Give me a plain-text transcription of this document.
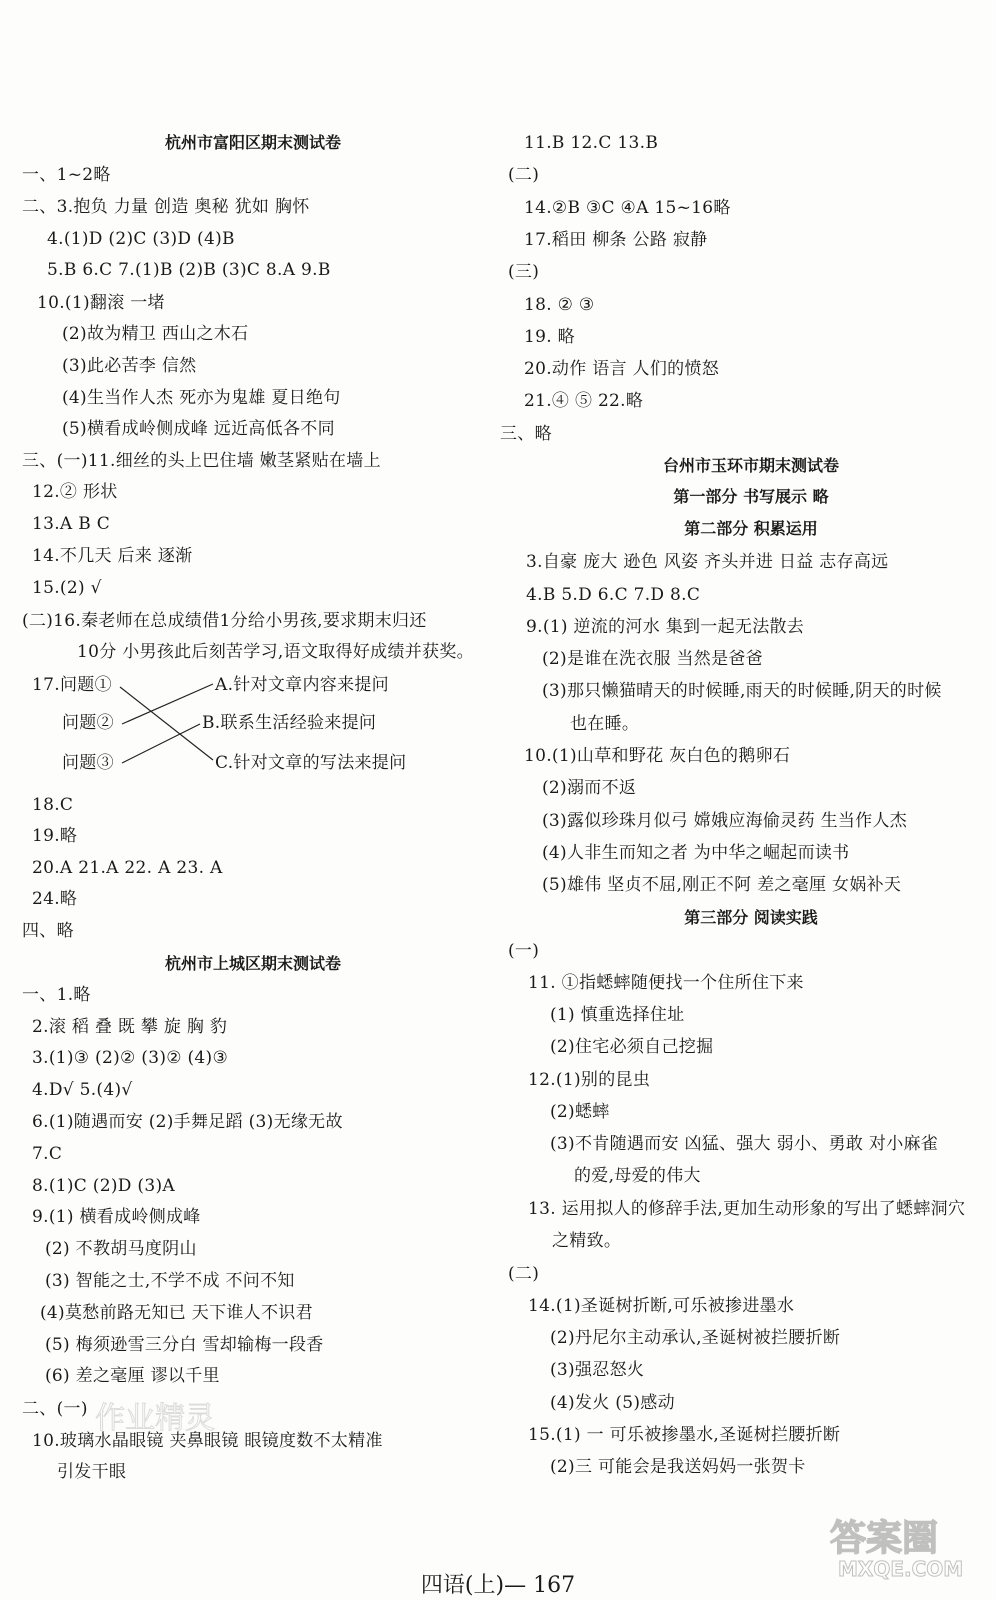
杭州市富阳区期末测试卷
一、1~2略
二、3.抱负 力量 创造 奥秘 犹如 胸怀
4.(1)D (2)C (3)D (4)B
5.B 6.C 7.(1)B (2)B (3)C 8.A 9.B
10.(1)翻滚 一堵
(2)故为精卫 西山之木石
(3)此必苦李 信然
(4)生当作人杰 死亦为鬼雄 夏日绝句
(5)横看成岭侧成峰 远近高低各不同
三、(一)11.细丝的头上巴住墙 嫩茎紧贴在墙上
12.② 形状
13.A B C
14.不几天 后来 逐渐
15.(2) √
(二)16.秦老师在总成绩借1分给小男孩,要求期末归还
10分 小男孩此后刻苦学习,语文取得好成绩并获奖。
17. 问题①
问题②
问题③
A.针对文章内容来提问
B.联系生活经验来提问
C.针对文章的写法来提问
18.C
19.略
20.A 21.A 22. A 23. A
24.略
四、略
杭州市上城区期末测试卷
一、1.略
2.滚 稻 叠 既 攀 旋 胸 豹
3.(1)③ (2)② (3)② (4)③
4.D√ 5.(4)√
6.(1)随遇而安 (2)手舞足蹈 (3)无缘无故
7.C
8.(1)C (2)D (3)A
9.(1) 横看成岭侧成峰
(2) 不教胡马度阴山
(3) 智能之士,不学不成 不问不知
(4)莫愁前路无知已 天下谁人不识君
(5) 梅须逊雪三分白 雪却输梅一段香
(6) 差之毫厘 谬以千里
二、(一)
10.玻璃水晶眼镜 夹鼻眼镜 眼镜度数不太精准
引发干眼
11.B 12.C 13.B
(二)
14.②B ③C ④A 15~16略
17.稻田 柳条 公路 寂静
(三)
18. ② ③
19. 略
20.动作 语言 人们的愤怒
21.④ ⑤ 22.略
三、略
台州市玉环市期末测试卷
第一部分 书写展示 略
第二部分 积累运用
3.自豪 庞大 逊色 风姿 齐头并进 日益 志存高远
4.B 5.D 6.C 7.D 8.C
9.(1) 逆流的河水 集到一起无法散去
(2)是谁在洗衣服 当然是爸爸
(3)那只懒猫晴天的时候睡,雨天的时候睡,阴天的时候
也在睡。
10.(1)山草和野花 灰白色的鹅卵石
(2)溺而不返
(3)露似珍珠月似弓 嫦娥应海偷灵药 生当作人杰
(4)人非生而知之者 为中华之崛起而读书
(5)雄伟 坚贞不屈,刚正不阿 差之毫厘 女娲补天
第三部分 阅读实践
(一)
11. ①指蟋蟀随便找一个住所住下来
(1) 慎重选择住址
(2)住宅必须自己挖掘
12.(1)别的昆虫
(2)蟋蟀
(3)不肯随遇而安 凶猛、强大 弱小、勇敢 对小麻雀
的爱,母爱的伟大
13. 运用拟人的修辞手法,更加生动形象的写出了蟋蟀洞穴
之精致。
(二)
14.(1)圣诞树折断,可乐被掺进墨水
(2)丹尼尔主动承认,圣诞树被拦腰折断
(3)强忍怒火
(4)发火 (5)感动
15.(1) 一 可乐被掺墨水,圣诞树拦腰折断
(2)三 可能会是我送妈妈一张贺卡
四语(上)— 167
作业精灵
答案圈
MXQE.COM
